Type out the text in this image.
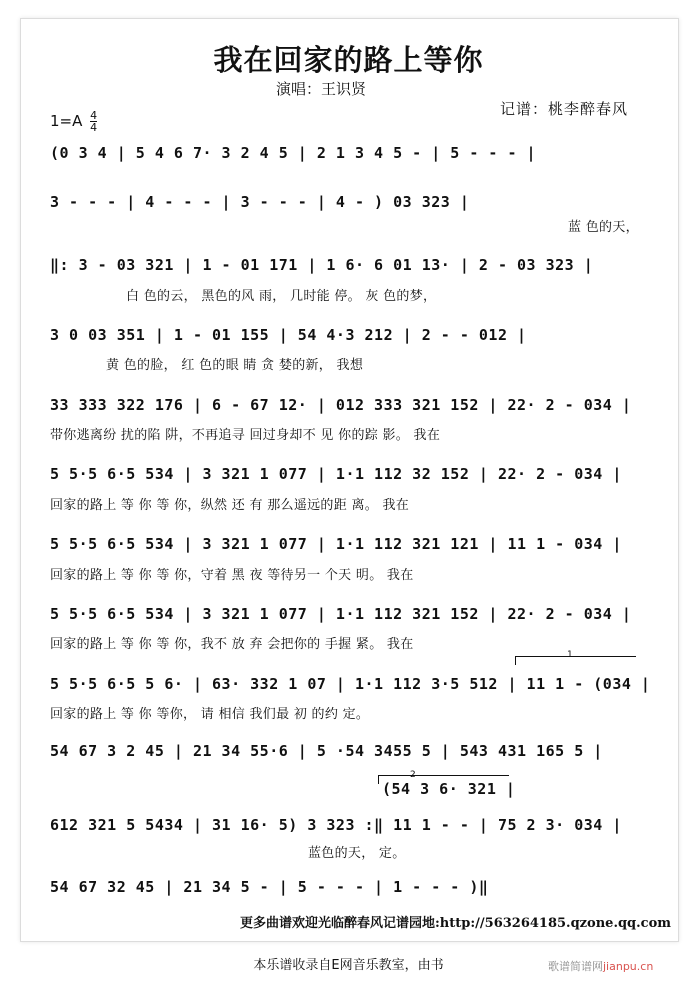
我在回家的路上等你
演唱：王识贤
$1=A \frac{4}{4}$
记谱：桃李醉春风
(0 3 4 | 5 4 6 7· 3 2 4 5 | 2 1 3 4 5 - | 5 - - - |
3 - - - | 4 - - - | 3 - - - | 4 - ) 03 323 |
蓝 色的天，
‖: 3 - 03 321 | 1 - 01 171 | 1 6· 6 01 13· | 2 - 03 323 |
白 色的云， 黑色的风 雨， 几时能 停。 灰 色的梦，
3 0 03 351 | 1 - 01 155 | 54 4·3 212 | 2 - - 012 |
黄 色的脸， 红 色的眼 睛 贪 婪的新， 我想
33 333 322 176 | 6 - 67 12· | 012 333 321 152 | 22· 2 - 034 |
带你逃离纷 扰的陷 阱，不再追寻 回过身却不 见 你的踪 影。 我在
5 5·5 6·5 534 | 3 321 1 077 | 1·1 112 32 152 | 22· 2 - 034 |
回家的路上 等 你 等 你，纵然 还 有 那么遥远的距 离。 我在
5 5·5 6·5 534 | 3 321 1 077 | 1·1 112 321 121 | 11 1 - 034 |
回家的路上 等 你 等 你，守着 黑 夜 等待另一 个天 明。 我在
5 5·5 6·5 534 | 3 321 1 077 | 1·1 112 321 152 | 22· 2 - 034 |
回家的路上 等 你 等 你，我不 放 弃 会把你的 手握 紧。 我在
1
5 5·5 6·5 5 6· | 63· 332 1 07 | 1·1 112 3·5 512 | 11 1 - (034 |
回家的路上 等 你 等你， 请 相信 我们最 初 的约 定。
54 67 3 2 45 | 21 34 55·6 | 5 ·54 3455 5 | 543 431 165 5 |
2
(54 3 6· 321 |
612 321 5 5434 | 31 16· 5) 3 323 :‖ 11 1 - - | 75 2 3· 034 |
蓝色的天， 定。
54 67 32 45 | 21 34 5 - | 5 - - - | 1 - - - )‖
更多曲谱欢迎光临醉春风记谱园地:http://563264185.qzone.qq.com
本乐谱收录自E网音乐教室，由书	歌谱简谱网jianpu.cn
